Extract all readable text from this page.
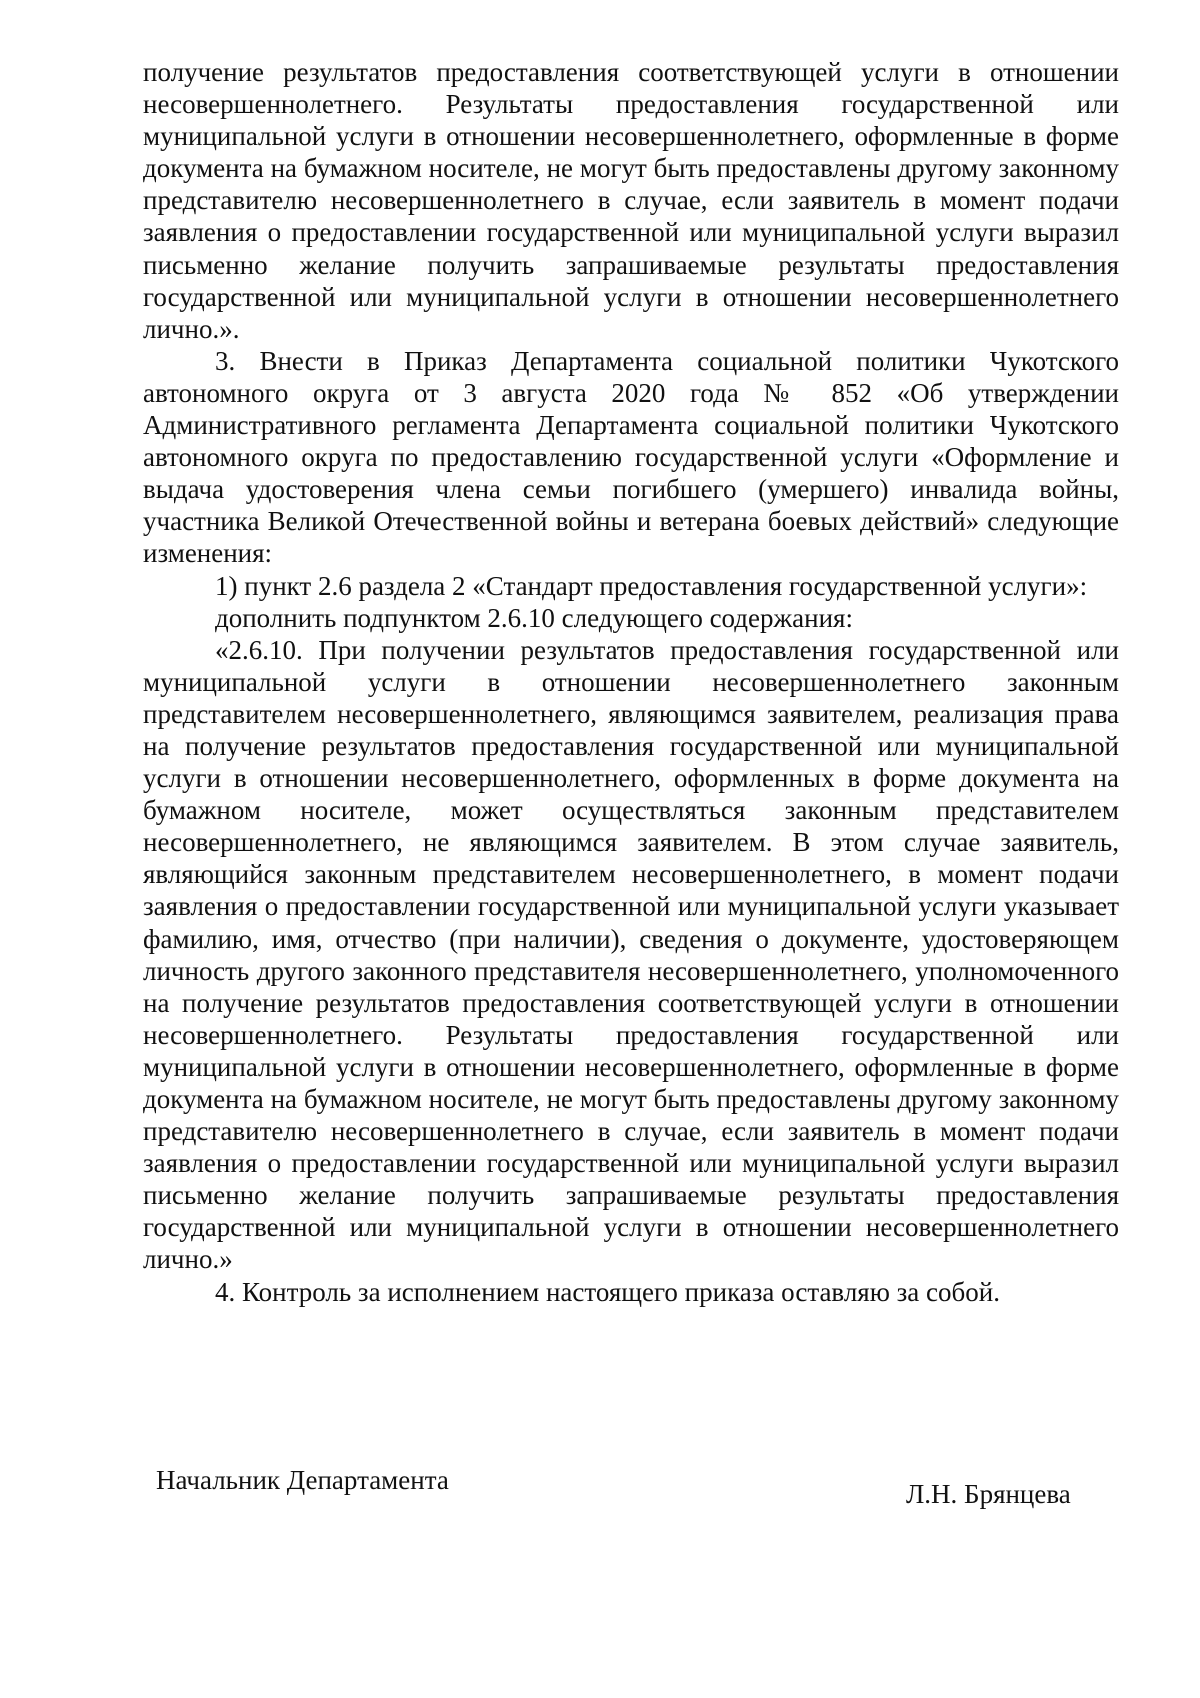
получение результатов предоставления соответствующей услуги в отношении несовершеннолетнего. Результаты предоставления государственной или муниципальной услуги в отношении несовершеннолетнего, оформленные в форме документа на бумажном носителе, не могут быть предоставлены другому законному представителю несовершеннолетнего в случае, если заявитель в момент подачи заявления о предоставлении государственной или муниципальной услуги выразил письменно желание получить запрашиваемые результаты предоставления государственной или муниципальной услуги в отношении несовершеннолетнего лично.».

3. Внести в Приказ Департамента социальной политики Чукотского автономного округа от 3 августа 2020 года № 852 «Об утверждении Административного регламента Департамента социальной политики Чукотского автономного округа по предоставлению государственной услуги «Оформление и выдача удостоверения члена семьи погибшего (умершего) инвалида войны, участника Великой Отечественной войны и ветерана боевых действий» следующие изменения:

1) пункт 2.6 раздела 2 «Стандарт предоставления государственной услуги»:

дополнить подпунктом 2.6.10 следующего содержания:

«2.6.10. При получении результатов предоставления государственной или муниципальной услуги в отношении несовершеннолетнего законным представителем несовершеннолетнего, являющимся заявителем, реализация права на получение результатов предоставления государственной или муниципальной услуги в отношении несовершеннолетнего, оформленных в форме документа на бумажном носителе, может осуществляться законным представителем несовершеннолетнего, не являющимся заявителем. В этом случае заявитель, являющийся законным представителем несовершеннолетнего, в момент подачи заявления о предоставлении государственной или муниципальной услуги указывает фамилию, имя, отчество (при наличии), сведения о документе, удостоверяющем личность другого законного представителя несовершеннолетнего, уполномоченного на получение результатов предоставления соответствующей услуги в отношении несовершеннолетнего. Результаты предоставления государственной или муниципальной услуги в отношении несовершеннолетнего, оформленные в форме документа на бумажном носителе, не могут быть предоставлены другому законному представителю несовершеннолетнего в случае, если заявитель в момент подачи заявления о предоставлении государственной или муниципальной услуги выразил письменно желание получить запрашиваемые результаты предоставления государственной или муниципальной услуги в отношении несовершеннолетнего лично.»

4. Контроль за исполнением настоящего приказа оставляю за собой.

Начальник Департамента	Л.Н. Брянцева
